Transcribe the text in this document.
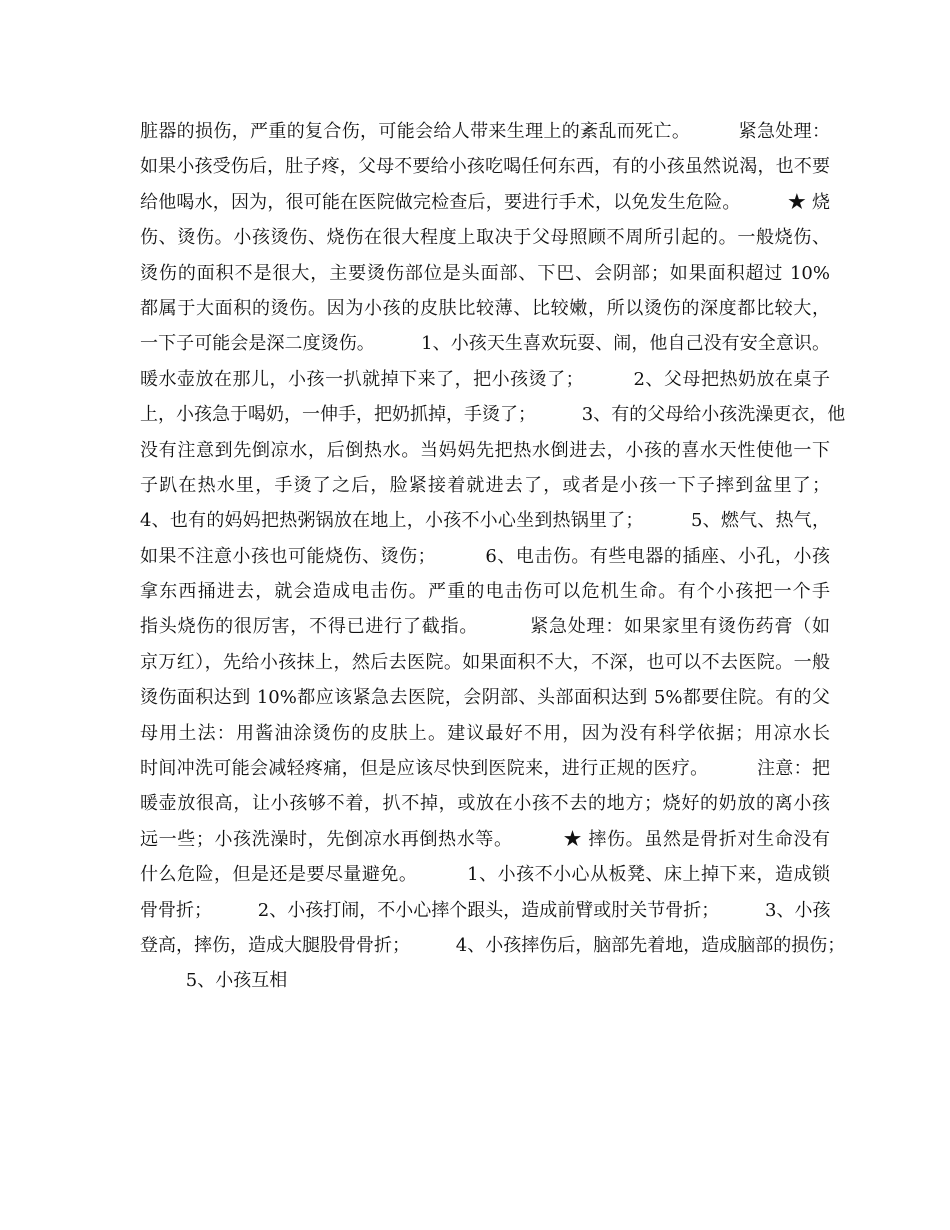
脏器的损伤，严重的复合伤，可能会给人带来生理上的紊乱而死亡。        紧急处理：
如果小孩受伤后，肚子疼，父母不要给小孩吃喝任何东西，有的小孩虽然说渴，也不要
给他喝水，因为，很可能在医院做完检查后，要进行手术，以免发生危险。        ★ 烧
伤、烫伤。小孩烫伤、烧伤在很大程度上取决于父母照顾不周所引起的。一般烧伤、
烫伤的面积不是很大，主要烫伤部位是头面部、下巴、会阴部；如果面积超过 10%
都属于大面积的烫伤。因为小孩的皮肤比较薄、比较嫩，所以烫伤的深度都比较大，
一下子可能会是深二度烫伤。        1、小孩天生喜欢玩耍、闹，他自己没有安全意识。
暖水壶放在那儿，小孩一扒就掉下来了，把小孩烫了；        2、父母把热奶放在桌子
上，小孩急于喝奶，一伸手，把奶抓掉，手烫了；        3、有的父母给小孩洗澡更衣，他
没有注意到先倒凉水，后倒热水。当妈妈先把热水倒进去，小孩的喜水天性使他一下
子趴在热水里，手烫了之后，脸紧接着就进去了，或者是小孩一下子摔到盆里了；
4、也有的妈妈把热粥锅放在地上，小孩不小心坐到热锅里了；        5、燃气、热气，
如果不注意小孩也可能烧伤、烫伤；        6、电击伤。有些电器的插座、小孔，小孩
拿东西捅进去，就会造成电击伤。严重的电击伤可以危机生命。有个小孩把一个手
指头烧伤的很厉害，不得已进行了截指。        紧急处理：如果家里有烫伤药膏（如
京万红），先给小孩抹上，然后去医院。如果面积不大，不深，也可以不去医院。一般
烫伤面积达到 10%都应该紧急去医院，会阴部、头部面积达到 5%都要住院。有的父
母用土法：用酱油涂烫伤的皮肤上。建议最好不用，因为没有科学依据；用凉水长
时间冲洗可能会减轻疼痛，但是应该尽快到医院来，进行正规的医疗。        注意：把
暖壶放很高，让小孩够不着，扒不掉，或放在小孩不去的地方；烧好的奶放的离小孩
远一些；小孩洗澡时，先倒凉水再倒热水等。        ★ 摔伤。虽然是骨折对生命没有
什么危险，但是还是要尽量避免。        1、小孩不小心从板凳、床上掉下来，造成锁
骨骨折；        2、小孩打闹，不小心摔个跟头，造成前臂或肘关节骨折；        3、小孩
登高，摔伤，造成大腿股骨骨折；        4、小孩摔伤后，脑部先着地，造成脑部的损伤；
5、小孩互相
